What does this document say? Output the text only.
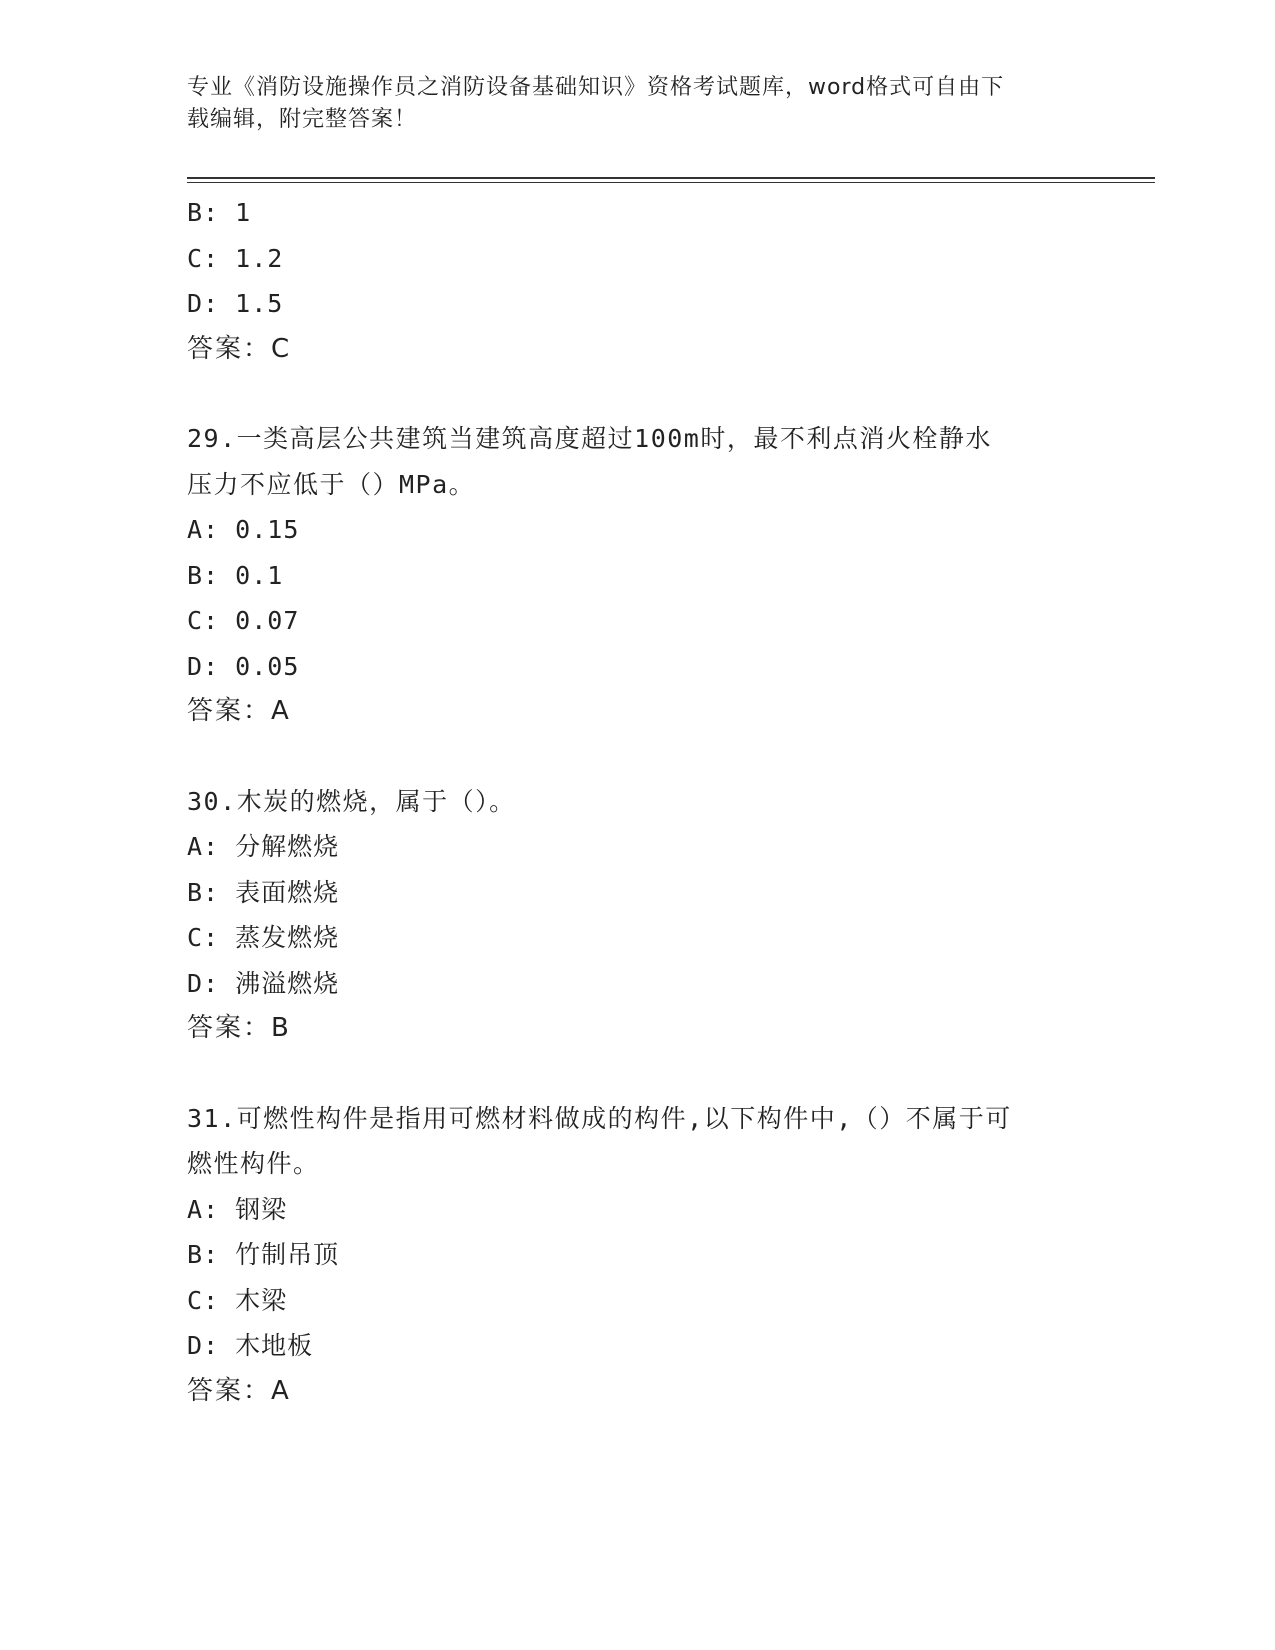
专业《消防设施操作员之消防设备基础知识》资格考试题库，word格式可自由下
载编辑，附完整答案！
B: 1
C: 1.2
D: 1.5
答案：C
29.一类高层公共建筑当建筑高度超过100m时，最不利点消火栓静水
压力不应低于（）MPa。
A: 0.15
B: 0.1
C: 0.07
D: 0.05
答案：A
30.木炭的燃烧，属于（）。
A: 分解燃烧
B: 表面燃烧
C: 蒸发燃烧
D: 沸溢燃烧
答案：B
31.可燃性构件是指用可燃材料做成的构件,以下构件中,（）不属于可
燃性构件。
A: 钢梁
B: 竹制吊顶
C: 木梁
D: 木地板
答案：A
